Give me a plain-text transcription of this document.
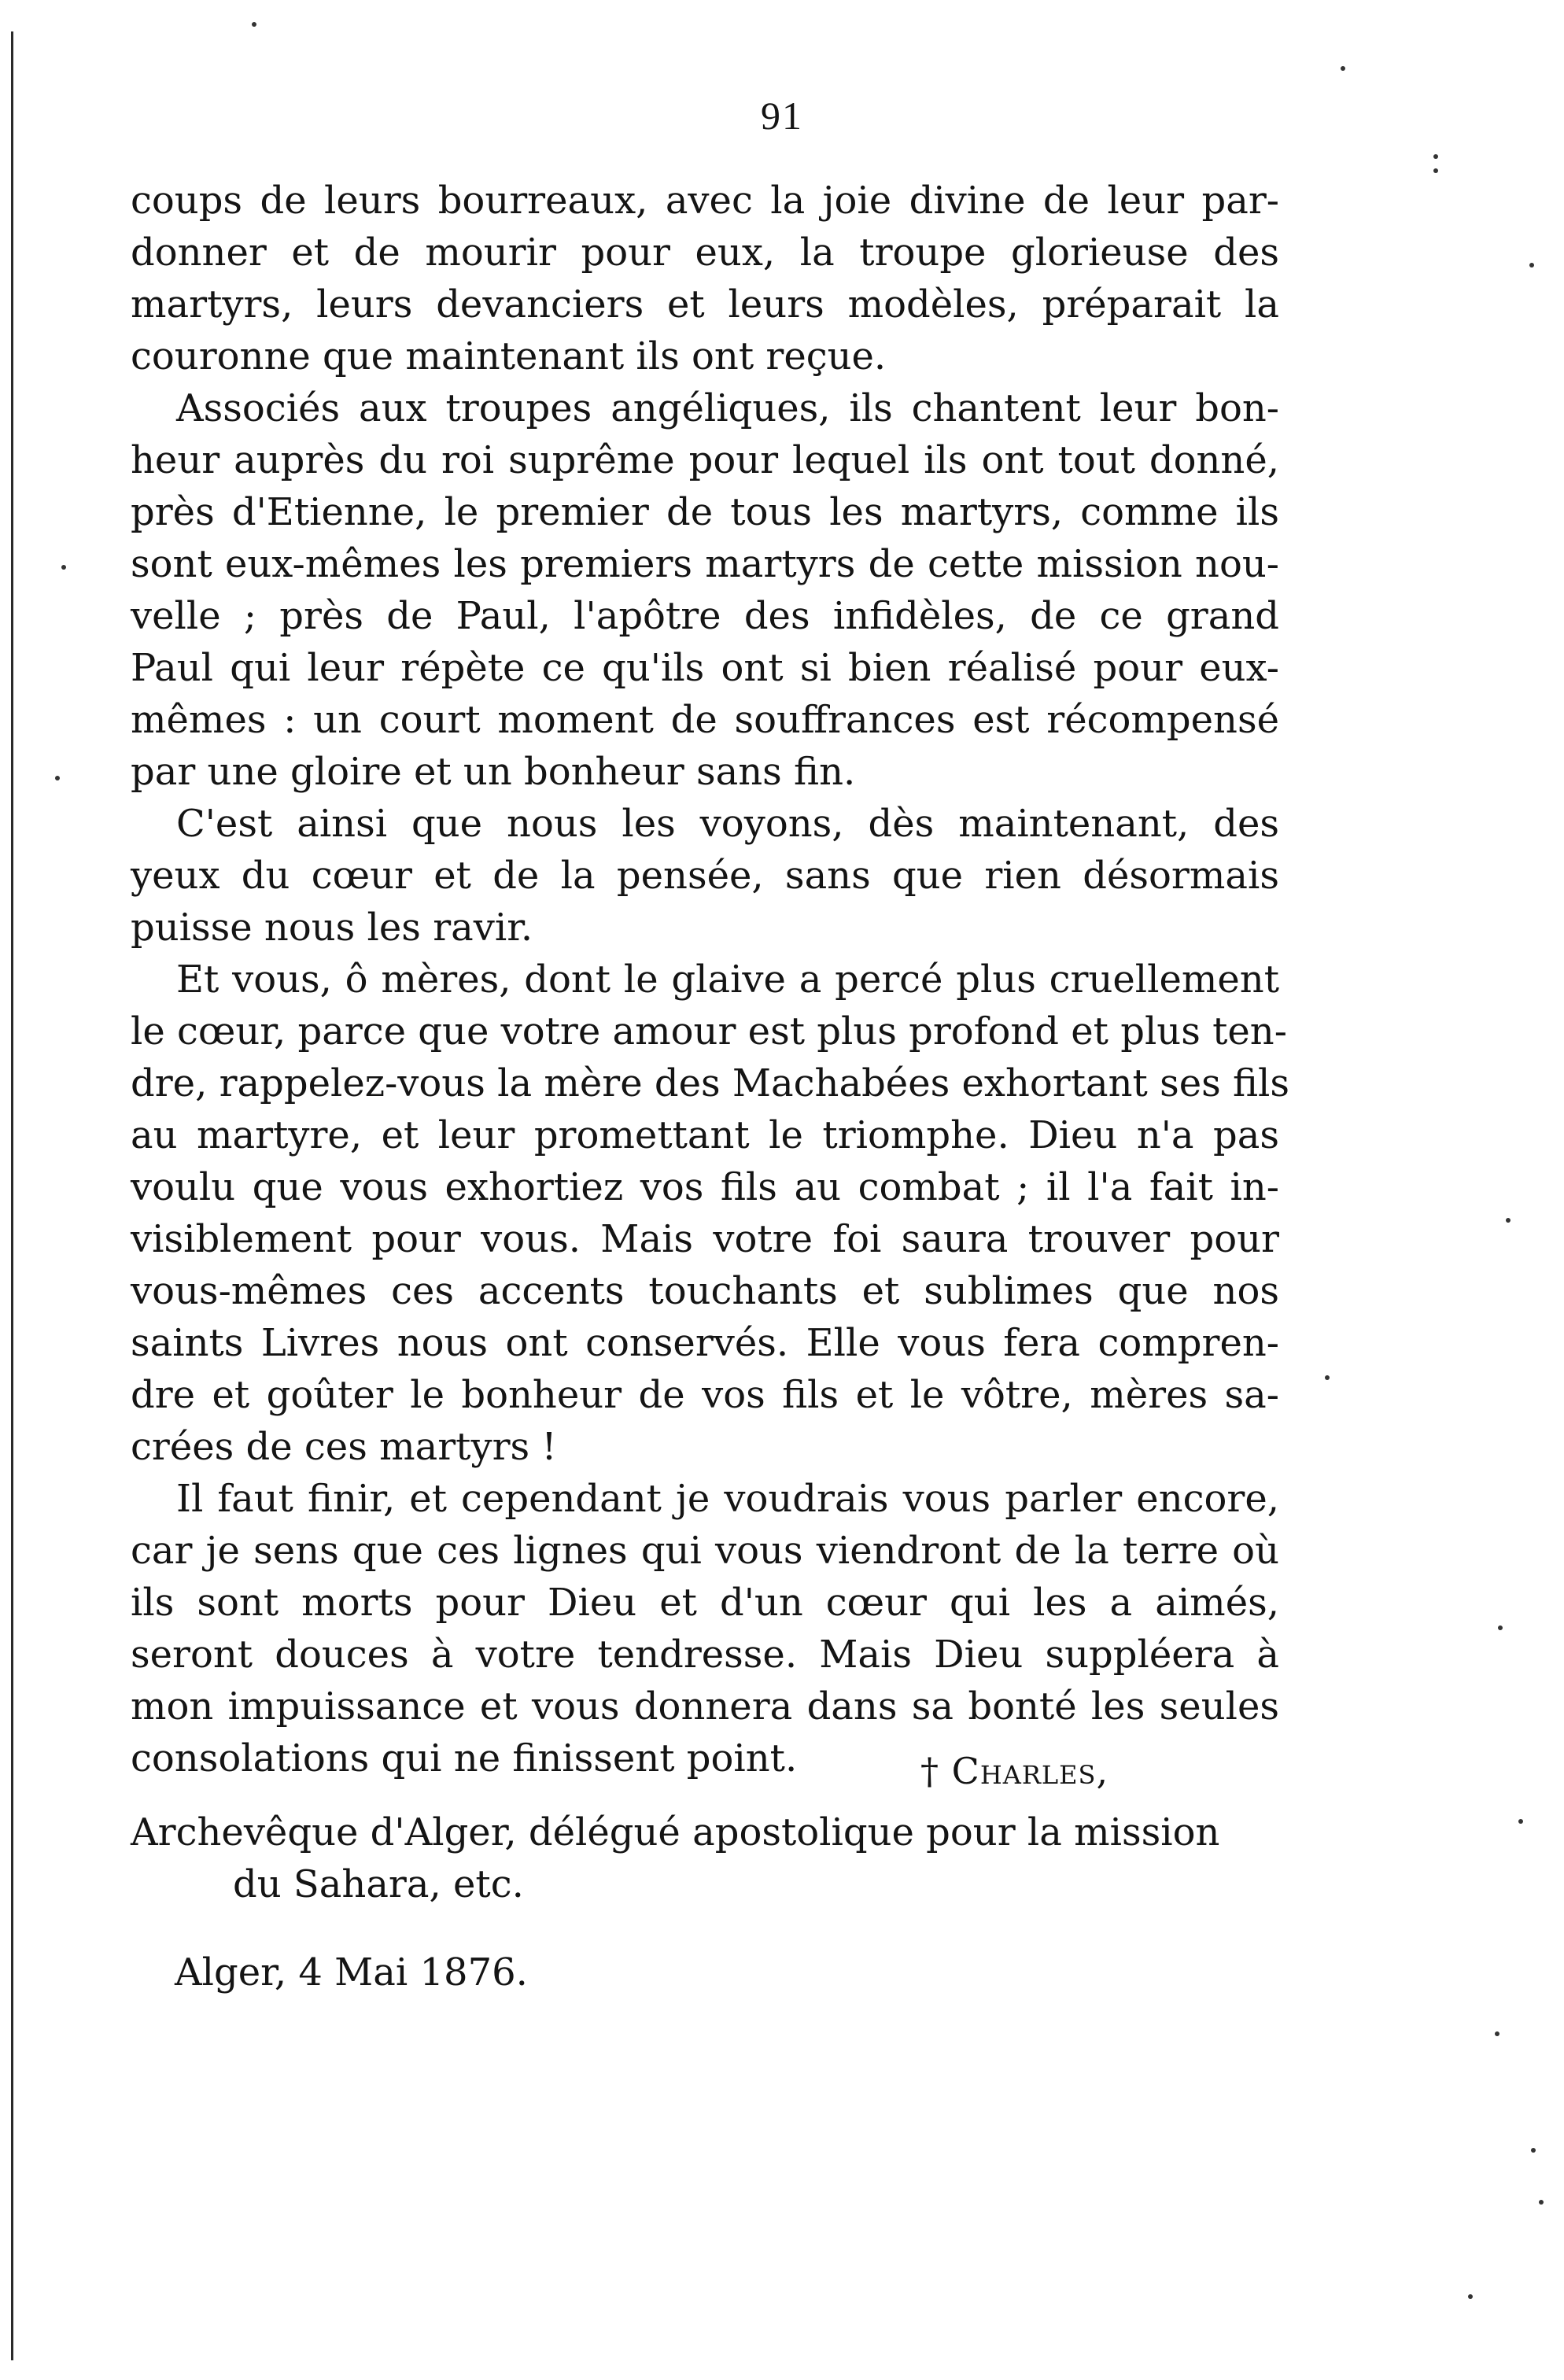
91
coups de leurs bourreaux, avec la joie divine de leur par-
donner et de mourir pour eux, la troupe glorieuse des
martyrs, leurs devanciers et leurs modèles, préparait la
couronne que maintenant ils ont reçue.
Associés aux troupes angéliques, ils chantent leur bon-
heur auprès du roi suprême pour lequel ils ont tout donné,
près d'Etienne, le premier de tous les martyrs, comme ils
sont eux-mêmes les premiers martyrs de cette mission nou-
velle ; près de Paul, l'apôtre des infidèles, de ce grand
Paul qui leur répète ce qu'ils ont si bien réalisé pour eux-
mêmes : un court moment de souffrances est récompensé
par une gloire et un bonheur sans fin.
C'est ainsi que nous les voyons, dès maintenant, des
yeux du cœur et de la pensée, sans que rien désormais
puisse nous les ravir.
Et vous, ô mères, dont le glaive a percé plus cruellement
le cœur, parce que votre amour est plus profond et plus ten-
dre, rappelez-vous la mère des Machabées exhortant ses fils
au martyre, et leur promettant le triomphe. Dieu n'a pas
voulu que vous exhortiez vos fils au combat ; il l'a fait in-
visiblement pour vous. Mais votre foi saura trouver pour
vous-mêmes ces accents touchants et sublimes que nos
saints Livres nous ont conservés. Elle vous fera compren-
dre et goûter le bonheur de vos fils et le vôtre, mères sa-
crées de ces martyrs !
Il faut finir, et cependant je voudrais vous parler encore,
car je sens que ces lignes qui vous viendront de la terre où
ils sont morts pour Dieu et d'un cœur qui les a aimés,
seront douces à votre tendresse. Mais Dieu suppléera à
mon impuissance et vous donnera dans sa bonté les seules
consolations qui ne finissent point.	† Charles,
Archevêque d'Alger, délégué apostolique pour la mission
du Sahara, etc.
Alger, 4 Mai 1876.
